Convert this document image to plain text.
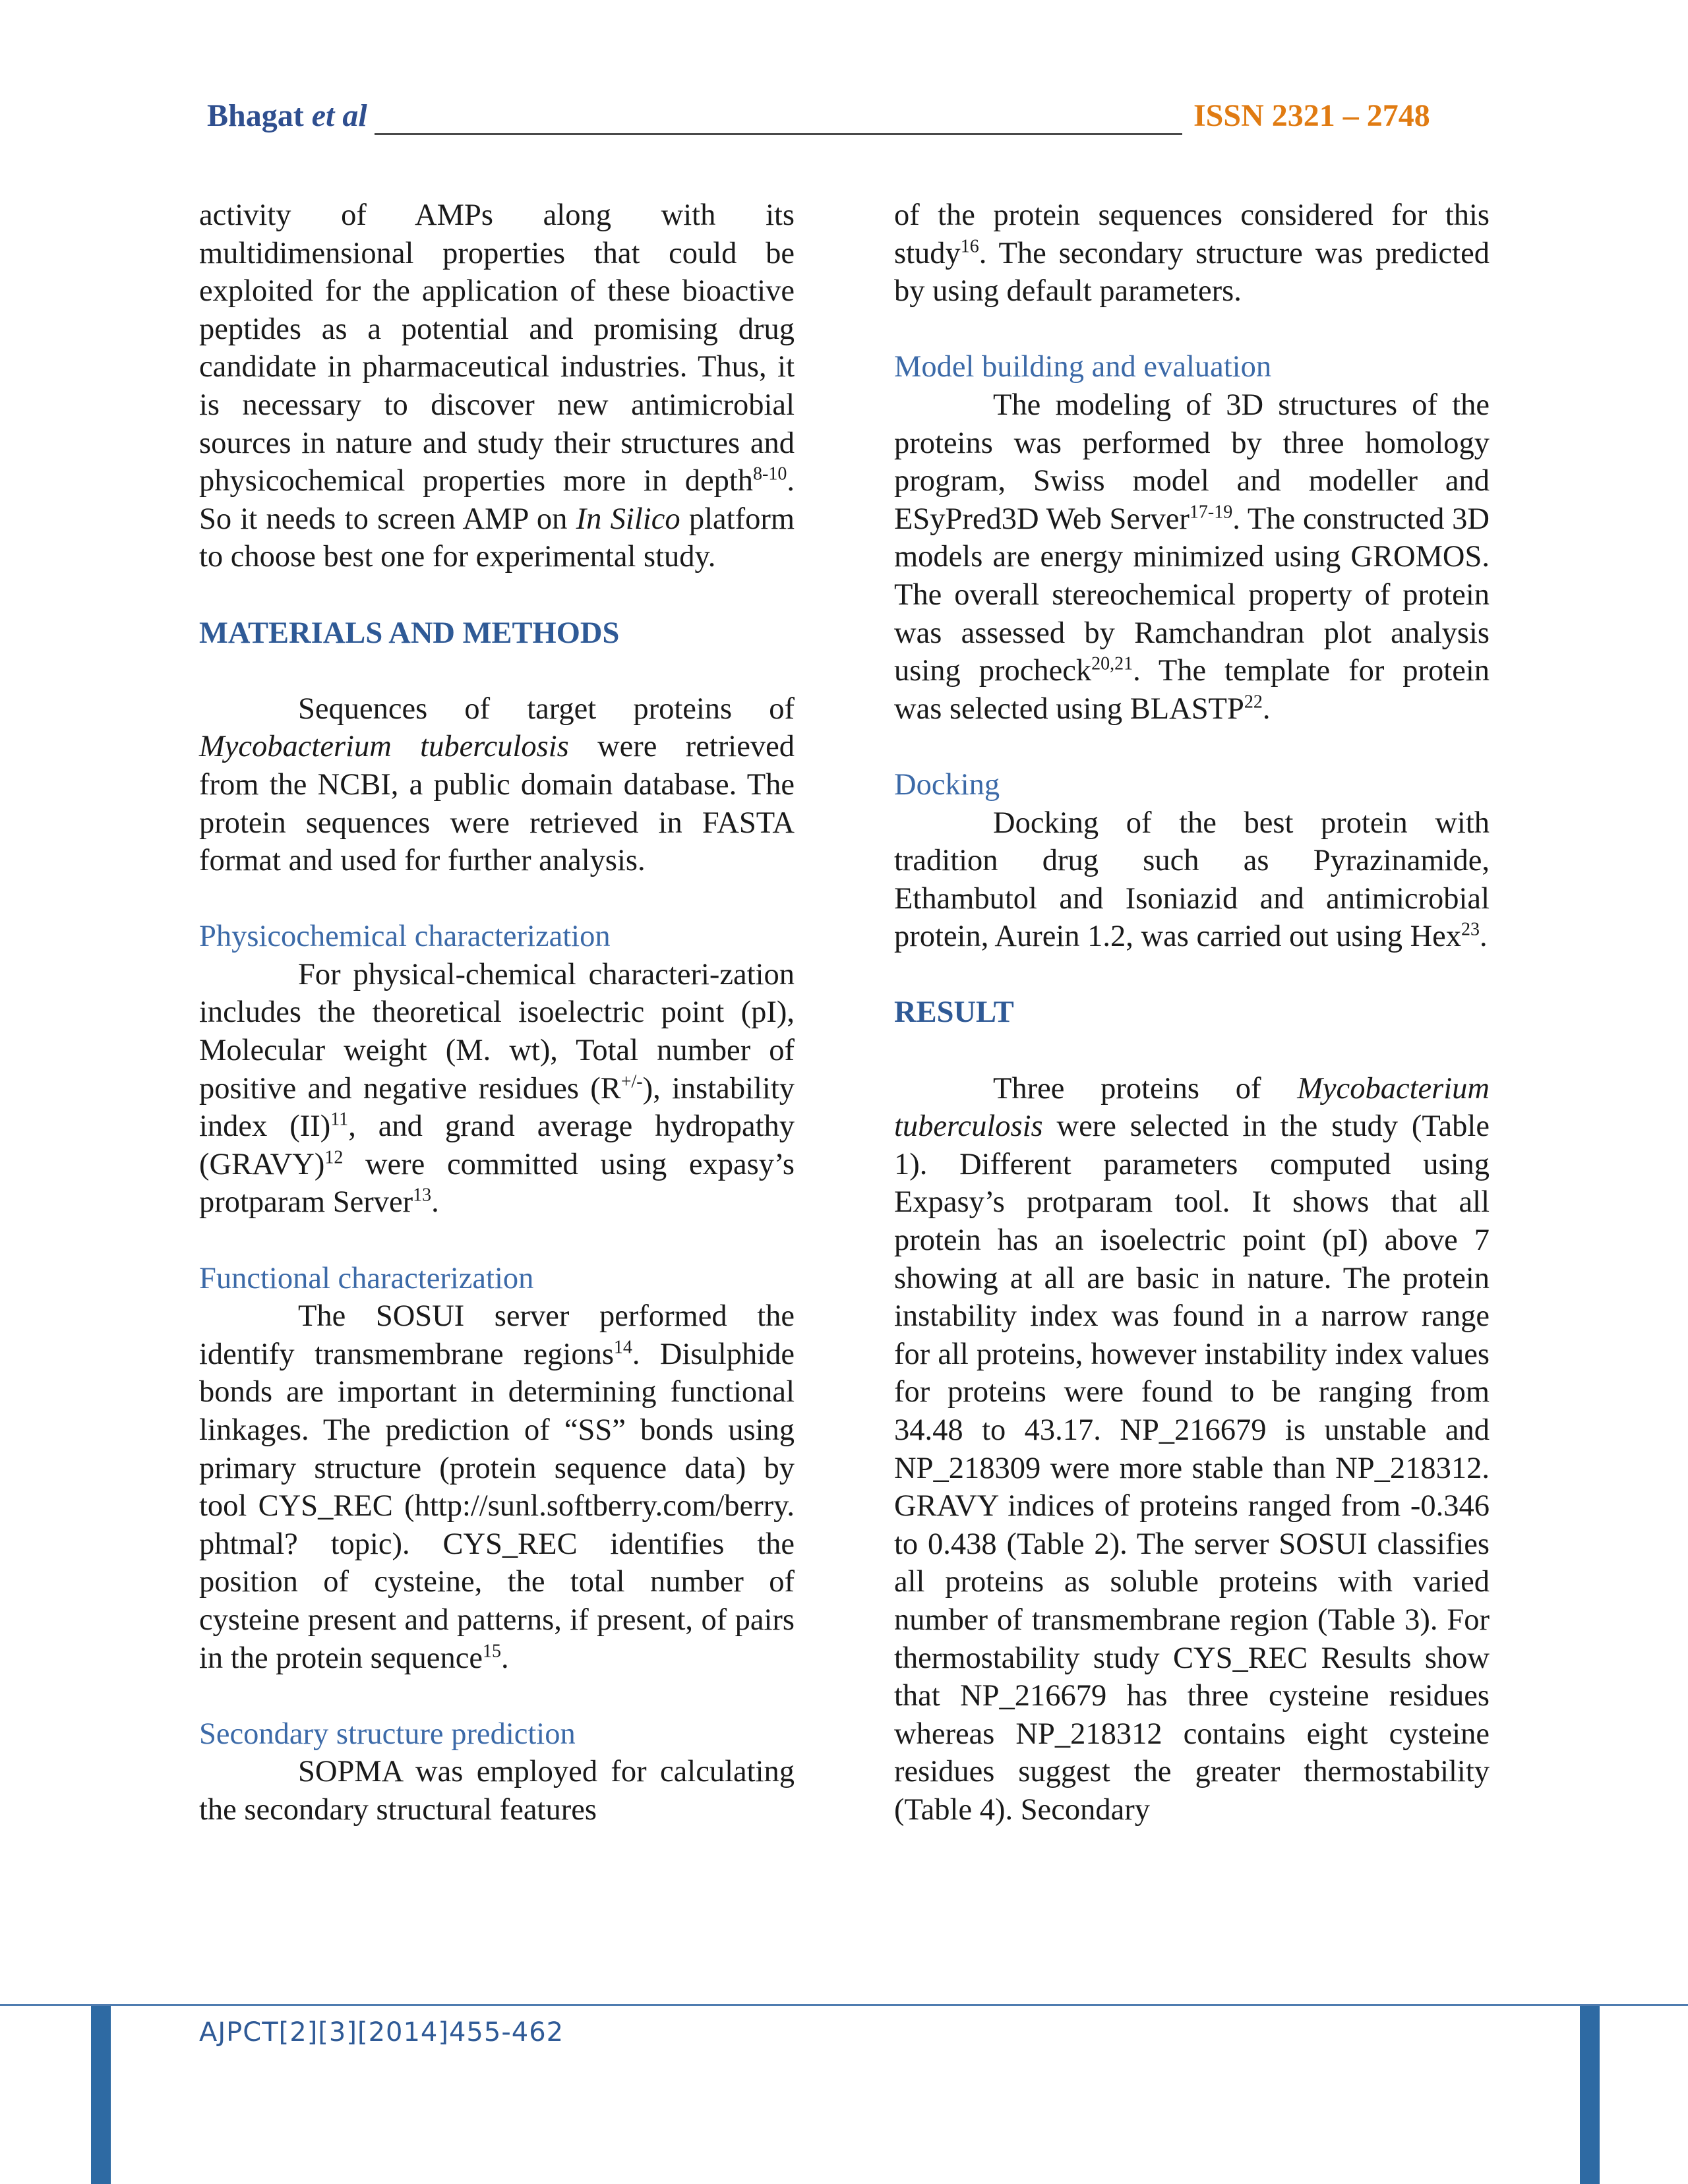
Bhagat et al	ISSN 2321 – 2748

activity of AMPs along with its multidimensional properties that could be exploited for the application of these bioactive peptides as a potential and promising drug candidate in pharmaceutical industries. Thus, it is necessary to discover new antimicrobial sources in nature and study their structures and physicochemical properties more in depth$^{8-10}$. So it needs to screen AMP on In Silico platform to choose best one for experimental study.

MATERIALS AND METHODS

Sequences of target proteins of Mycobacterium tuberculosis were retrieved from the NCBI, a public domain database. The protein sequences were retrieved in FASTA format and used for further analysis.

Physicochemical characterization

For physical-chemical characteri-zation includes the theoretical isoelectric point (pI), Molecular weight (M. wt), Total number of positive and negative residues (R+/-), instability index (II)$^{11}$, and grand average hydropathy (GRAVY)$^{12}$ were committed using expasy’s protparam Server$^{13}$.

Functional characterization

The SOSUI server performed the identify transmembrane regions$^{14}$. Disulphide bonds are important in determining functional linkages. The prediction of “SS” bonds using primary structure (protein sequence data) by tool CYS_REC (http://sunl.softberry.com/berry. phtmal? topic). CYS_REC identifies the position of cysteine, the total number of cysteine present and patterns, if present, of pairs in the protein sequence$^{15}$.

Secondary structure prediction

SOPMA was employed for calculating the secondary structural features

of the protein sequences considered for this study$^{16}$. The secondary structure was predicted by using default parameters.

Model building and evaluation

The modeling of 3D structures of the proteins was performed by three homology program, Swiss model and modeller and ESyPred3D Web Server$^{17-19}$. The constructed 3D models are energy minimized using GROMOS. The overall stereochemical property of protein was assessed by Ramchandran plot analysis using procheck$^{20,21}$. The template for protein was selected using BLASTP$^{22}$.

Docking

Docking of the best protein with tradition drug such as Pyrazinamide, Ethambutol and Isoniazid and antimicrobial protein, Aurein 1.2, was carried out using Hex$^{23}$.

RESULT

Three proteins of Mycobacterium tuberculosis were selected in the study (Table 1). Different parameters computed using Expasy’s protparam tool. It shows that all protein has an isoelectric point (pI) above 7 showing at all are basic in nature. The protein instability index was found in a narrow range for all proteins, however instability index values for proteins were found to be ranging from 34.48 to 43.17. NP_216679 is unstable and NP_218309 were more stable than NP_218312. GRAVY indices of proteins ranged from -0.346 to 0.438 (Table 2). The server SOSUI classifies all proteins as soluble proteins with varied number of transmembrane region (Table 3). For thermostability study CYS_REC Results show that NP_216679 has three cysteine residues whereas NP_218312 contains eight cysteine residues suggest the greater thermostability (Table 4). Secondary

AJPCT[2][3][2014]455-462
